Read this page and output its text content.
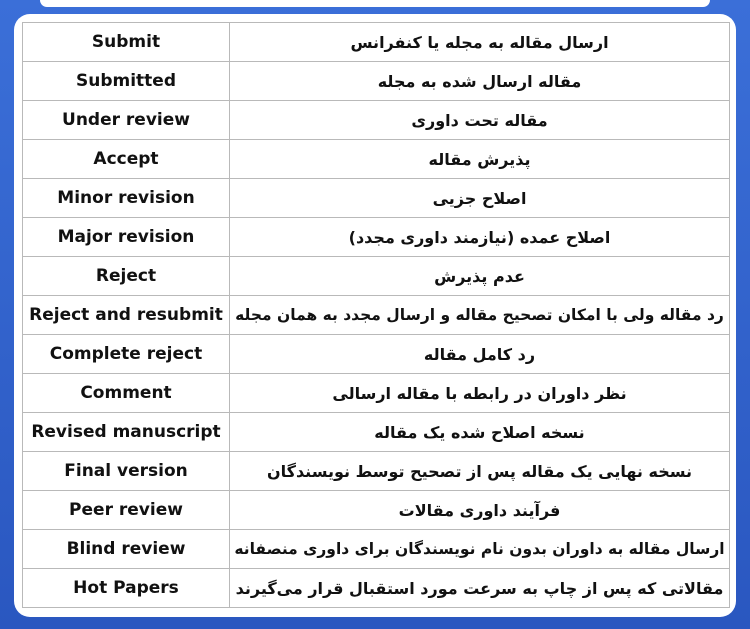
Submit	ارسال مقاله به مجله یا کنفرانس
Submitted	مقاله ارسال شده به مجله
Under review	مقاله تحت داوری
Accept	پذیرش مقاله
Minor revision	اصلاح جزیی
Major revision	اصلاح عمده (نیازمند داوری مجدد)
Reject	عدم پذیرش
Reject and resubmit	رد مقاله ولی با امکان تصحیح مقاله و ارسال مجدد به همان مجله
Complete reject	رد کامل مقاله
Comment	نظر داوران در رابطه با مقاله ارسالی
Revised manuscript	نسخه اصلاح شده یک مقاله
Final version	نسخه نهایی یک مقاله پس از تصحیح توسط نویسندگان
Peer review	فرآیند داوری مقالات
Blind review	ارسال مقاله به داوران بدون نام نویسندگان برای داوری منصفانه
Hot Papers	مقالاتی که پس از چاپ به سرعت مورد استقبال قرار می‌گیرند
